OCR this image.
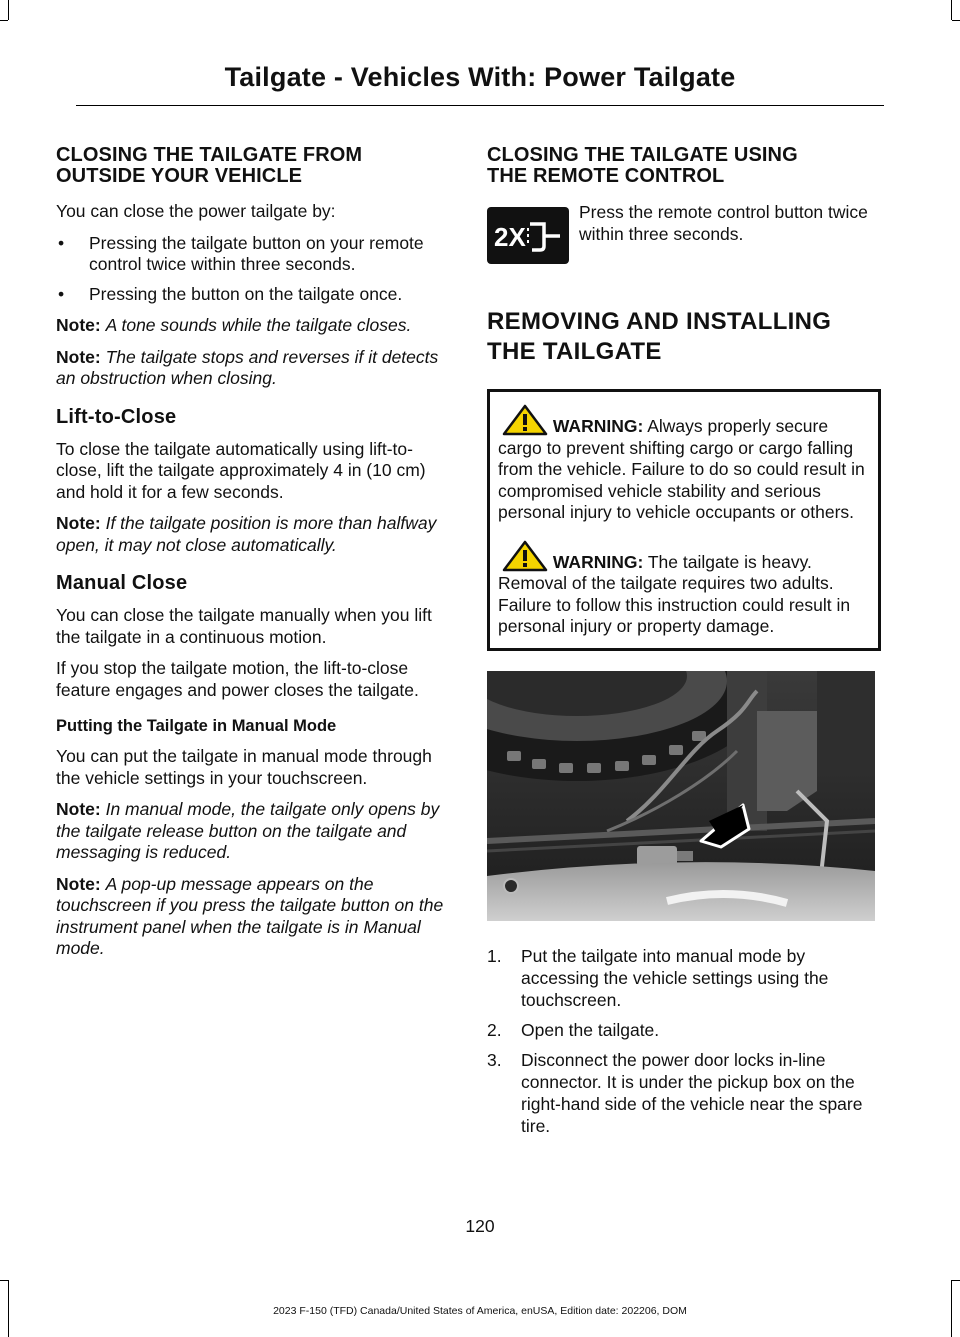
Tailgate - Vehicles With: Power Tailgate
CLOSING THE TAILGATE FROM
OUTSIDE YOUR VEHICLE

You can close the power tailgate by:

• Pressing the tailgate button on your remote control twice within three seconds.
• Pressing the button on the tailgate once.

Note: A tone sounds while the tailgate closes.

Note: The tailgate stops and reverses if it detects an obstruction when closing.

Lift-to-Close

To close the tailgate automatically using lift-to-close, lift the tailgate approximately 4 in (10 cm) and hold it for a few seconds.

Note: If the tailgate position is more than halfway open, it may not close automatically.

Manual Close

You can close the tailgate manually when you lift the tailgate in a continuous motion.

If you stop the tailgate motion, the lift-to-close feature engages and power closes the tailgate.

Putting the Tailgate in Manual Mode

You can put the tailgate in manual mode through the vehicle settings in your touchscreen.

Note: In manual mode, the tailgate only opens by the tailgate release button on the tailgate and messaging is reduced.

Note: A pop-up message appears on the touchscreen if you press the tailgate button on the instrument panel when the tailgate is in Manual mode.

CLOSING THE TAILGATE USING
THE REMOTE CONTROL
2X
Press the remote control button twice within three seconds.
REMOVING AND INSTALLING
THE TAILGATE

WARNING: Always properly secure cargo to prevent shifting cargo or cargo falling from the vehicle. Failure to do so could result in compromised vehicle stability and serious personal injury to vehicle occupants or others.

WARNING: The tailgate is heavy. Removal of the tailgate requires two adults. Failure to follow this instruction could result in personal injury or property damage.

1. Put the tailgate into manual mode by accessing the vehicle settings using the touchscreen.
2. Open the tailgate.
3. Disconnect the power door locks in-line connector. It is under the pickup box on the right-hand side of the vehicle near the spare tire.
120
2023 F-150 (TFD) Canada/United States of America, enUSA, Edition date: 202206, DOM
